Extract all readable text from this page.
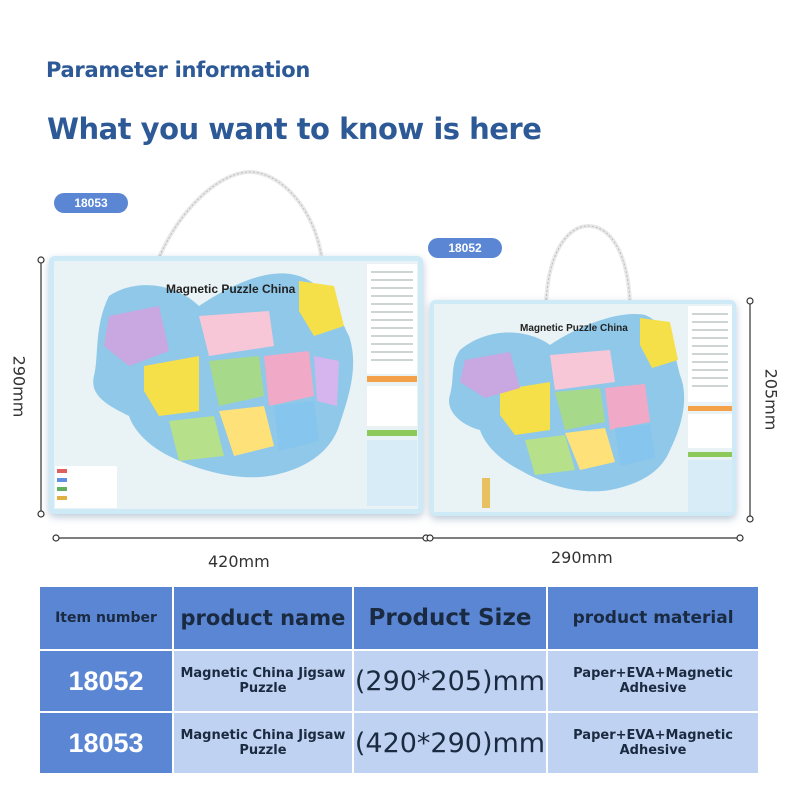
Parameter information
What you want to know is here
18053
18052
Magnetic Puzzle China
Magnetic Puzzle China
290mm
420mm	290mm
205mm
Item number	product name	Product Size	product material
18052	Magnetic China Jigsaw Puzzle	(290*205)mm	Paper+EVA+Magnetic Adhesive
18053	Magnetic China Jigsaw Puzzle	(420*290)mm	Paper+EVA+Magnetic Adhesive
